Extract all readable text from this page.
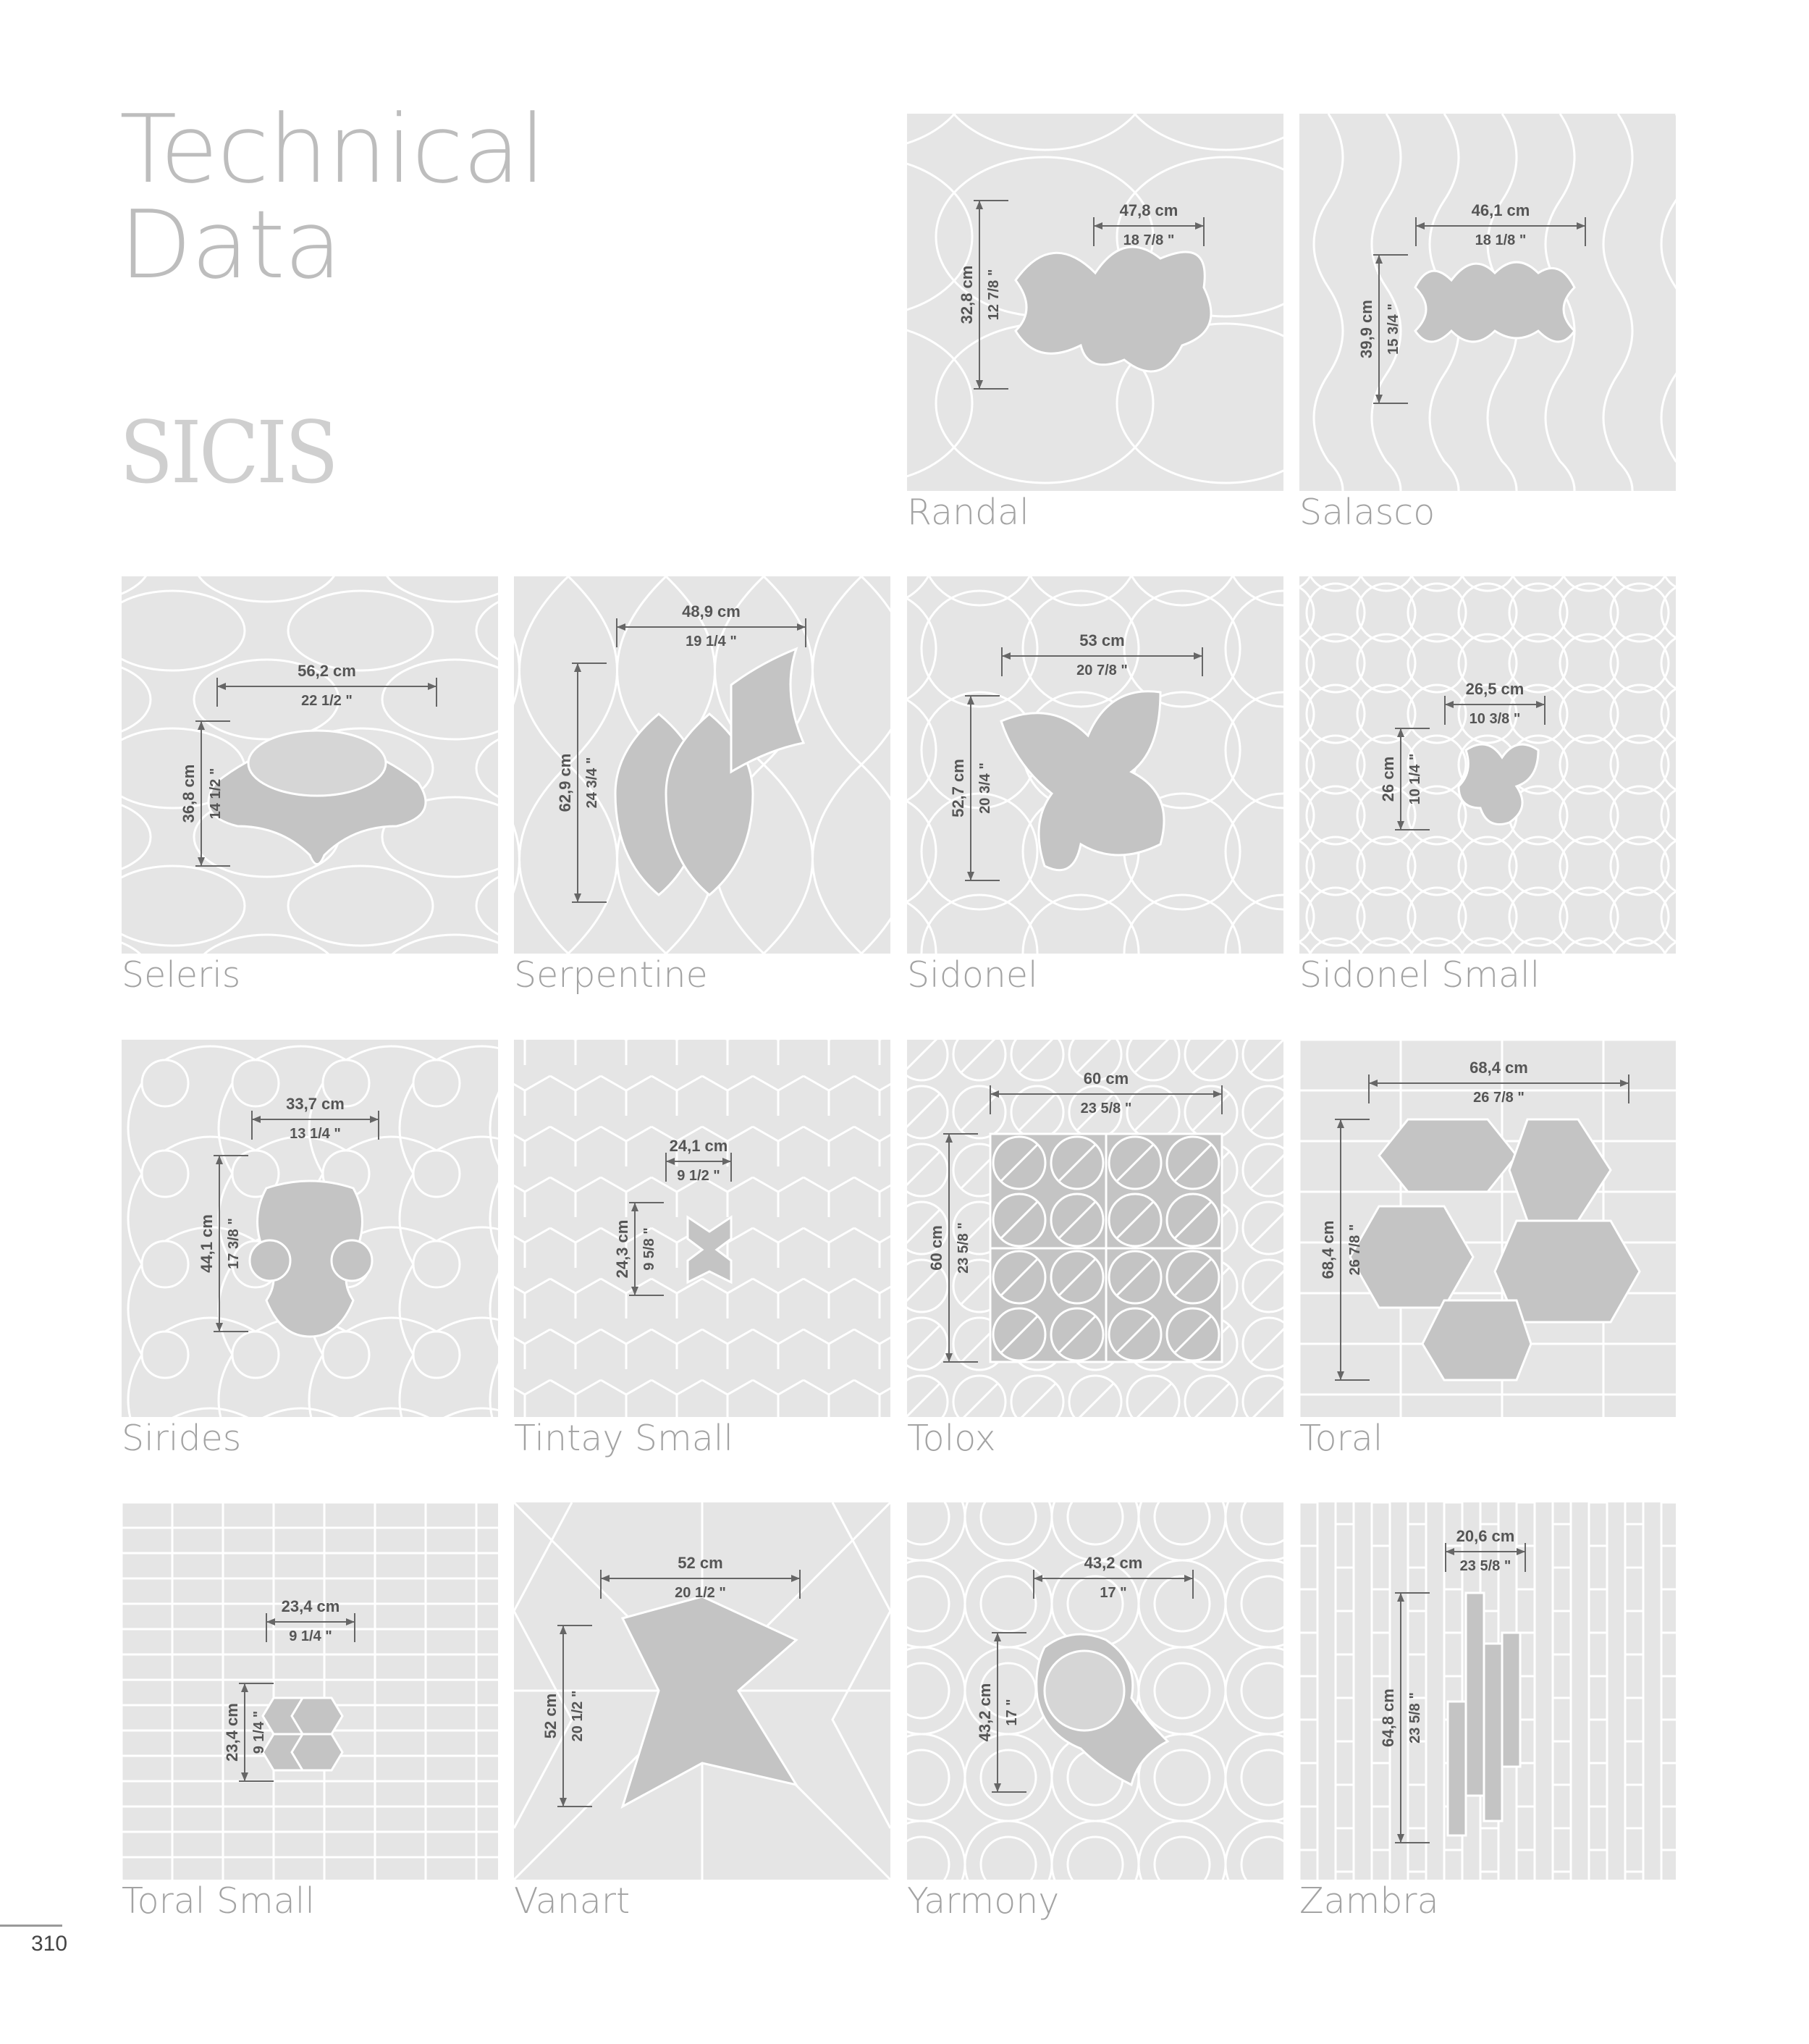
Technical
Data
SICIS
47,8 cm
18 7/8 "
32,8 cm 12 7/8 "
Randal
46,1 cm
18 1/8 "
39,9 cm 15 3/4 "
Salasco
56,2 cm
22 1/2 "
36,8 cm 14 1/2 "
Seleris
48,9 cm
19 1/4 "
62,9 cm 24 3/4 "
Serpentine
53 cm
20 7/8 "
52,7 cm 20 3/4 "
Sidonel
26,5 cm
10 3/8 "
26 cm 10 1/4 "
Sidonel Small
33,7 cm
13 1/4 "
44,1 cm 17 3/8 "
Sirides
24,1 cm
9 1/2 "
24,3 cm 9 5/8 "
Tintay Small
60 cm
23 5/8 "
60 cm 23 5/8 "
Tolox
68,4 cm
26 7/8 "
68,4 cm 26 7/8 "
Toral
23,4 cm
9 1/4 "
23,4 cm 9 1/4 "
Toral Small
52 cm
20 1/2 "
52 cm 20 1/2 "
Vanart
43,2 cm
17 "
43,2 cm 17 "
Yarmony
20,6 cm
23 5/8 "
64,8 cm 23 5/8 "
Zambra
310
